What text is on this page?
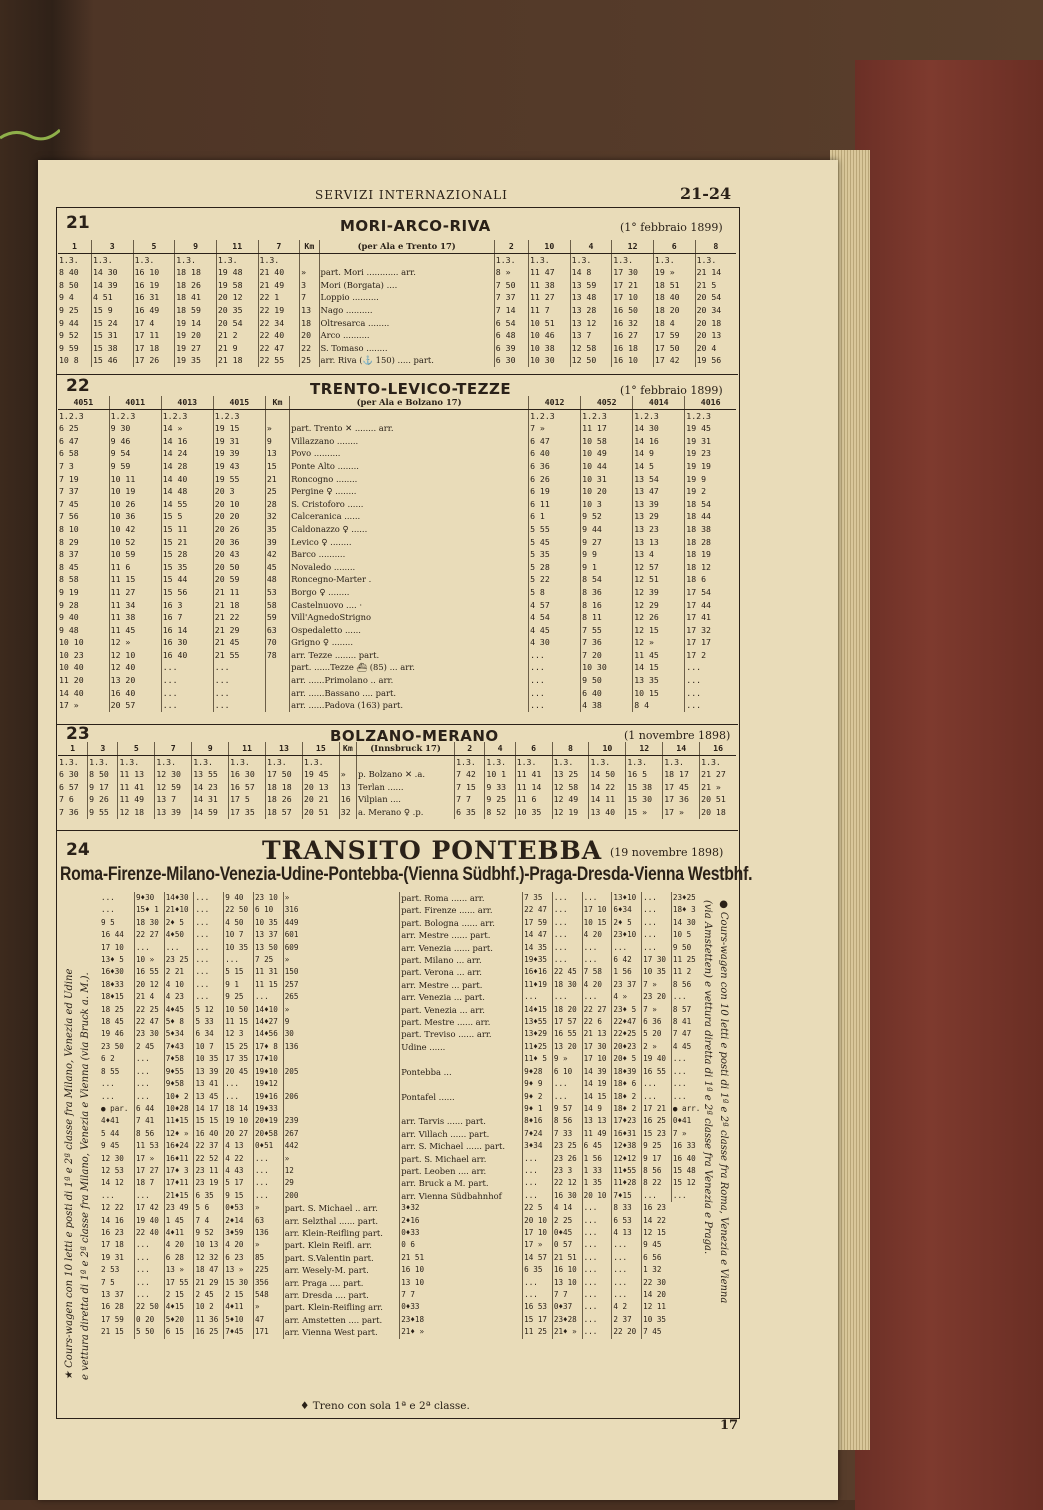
SERVIZI INTERNAZIONALI	21-24
21	MORI-ARCO-RIVA	(1° febbraio 1899)
1	3	5	9	11	7	Km	(per Ala e Trento 17)	2	10	4	12	6	8
1.3.	1.3.	1.3.	1.3.	1.3.	1.3.			1.3.	1.3.	1.3.	1.3.	1.3.	1.3.
8 40	14 30	16 10	18 18	19 48	21 40	»	part. Mori ............ arr.	8 »	11 47	14 8	17 30	19 »	21 14
8 50	14 39	16 19	18 26	19 58	21 49	3	Mori (Borgata) ....	7 50	11 38	13 59	17 21	18 51	21 5
9 4	4 51	16 31	18 41	20 12	22 1	7	Loppio ..........	7 37	11 27	13 48	17 10	18 40	20 54
9 25	15 9	16 49	18 59	20 35	22 19	13	Nago ..........	7 14	11 7	13 28	16 50	18 20	20 34
9 44	15 24	17 4	19 14	20 54	22 34	18	Oltresarca ........	6 54	10 51	13 12	16 32	18 4	20 18
9 52	15 31	17 11	19 20	21 2	22 40	20	Arco ..........	6 48	10 46	13 7	16 27	17 59	20 13
9 59	15 38	17 18	19 27	21 9	22 47	22	S. Tomaso ........	6 39	10 38	12 58	16 18	17 50	20 4
10 8	15 46	17 26	19 35	21 18	22 55	25	arr. Riva (⚓ 150) ..... part.	6 30	10 30	12 50	16 10	17 42	19 56
22	TRENTO-LEVICO-TEZZE	(1° febbraio 1899)
4051	4011	4013	4015	Km	(per Ala e Bolzano 17)	4012	4052	4014	4016
1.2.3	1.2.3	1.2.3	1.2.3			1.2.3	1.2.3	1.2.3	1.2.3
6 25	9 30	14 »	19 15	»	part. Trento ✕ ........ arr.	7 »	11 17	14 30	19 45
6 47	9 46	14 16	19 31	9	Villazzano ........	6 47	10 58	14 16	19 31
6 58	9 54	14 24	19 39	13	Povo ..........	6 40	10 49	14 9	19 23
7 3	9 59	14 28	19 43	15	Ponte Alto ........	6 36	10 44	14 5	19 19
7 19	10 11	14 40	19 55	21	Roncogno ........	6 26	10 31	13 54	19 9
7 37	10 19	14 48	20 3	25	Pergine ♀ ........	6 19	10 20	13 47	19 2
7 45	10 26	14 55	20 10	28	S. Cristoforo ......	6 11	10 3	13 39	18 54
7 56	10 36	15 5	20 20	32	Calceranica ......	6 1	9 52	13 29	18 44
8 10	10 42	15 11	20 26	35	Caldonazzo ♀ ......	5 55	9 44	13 23	18 38
8 29	10 52	15 21	20 36	39	Levico ♀ ........	5 45	9 27	13 13	18 28
8 37	10 59	15 28	20 43	42	Barco ..........	5 35	9 9	13 4	18 19
8 45	11 6	15 35	20 50	45	Novaledo ........	5 28	9 1	12 57	18 12
8 58	11 15	15 44	20 59	48	Roncegno-Marter .	5 22	8 54	12 51	18 6
9 19	11 27	15 56	21 11	53	Borgo ♀ ........	5 8	8 36	12 39	17 54
9 28	11 34	16 3	21 18	58	Castelnuovo .... ·	4 57	8 16	12 29	17 44
9 40	11 38	16 7	21 22	59	Vill'AgnedoStrigno	4 54	8 11	12 26	17 41
9 48	11 45	16 14	21 29	63	Ospedaletto ......	4 45	7 55	12 15	17 32
10 10	12 »	16 30	21 45	70	Grigno ♀ ........	4 30	7 36	12 »	17 17
10 23	12 10	16 40	21 55	78	arr. Tezze ........ part.	...	7 20	11 45	17 2
10 40	12 40	...	...		part. ......Tezze ⛴ (85) ... arr.	...	10 30	14 15	...
11 20	13 20	...	...		arr. ......Primolano .. arr.	...	9 50	13 35	...
14 40	16 40	...	...		arr. ......Bassano .... part.	...	6 40	10 15	...
17 »	20 57	...	...		arr. ......Padova (163) part.	...	4 38	8 4	...
23	BOLZANO-MERANO	(1 novembre 1898)
1	3	5	7	9	11	13	15	Km	(Innsbruck 17)	2	4	6	8	10	12	14	16
1.3.	1.3.	1.3.	1.3.	1.3.	1.3.	1.3.	1.3.			1.3.	1.3.	1.3.	1.3.	1.3.	1.3.	1.3.	1.3.
6 30	8 50	11 13	12 30	13 55	16 30	17 50	19 45	»	p. Bolzano ✕ .a.	7 42	10 1	11 41	13 25	14 50	16 5	18 17	21 27
6 57	9 17	11 41	12 59	14 23	16 57	18 18	20 13	13	Terlan ......	7 15	9 33	11 14	12 58	14 22	15 38	17 45	21 »
7 6	9 26	11 49	13 7	14 31	17 5	18 26	20 21	16	Vilpian ....	7 7	9 25	11 6	12 49	14 11	15 30	17 36	20 51
7 36	9 55	12 18	13 39	14 59	17 35	18 57	20 51	32	a. Merano ♀ .p.	6 35	8 52	10 35	12 19	13 40	15 »	17 »	20 18
24	TRANSITO PONTEBBA (19 novembre 1898)
Roma-Firenze-Milano-Venezia-Udine-Pontebba-(Vienna Südbhf.)-Praga-Dresda-Vienna Westbhf.
★ Cours-wagen con 10 letti e posti di 1ª e 2ª classe fra Milano, Venezia ed Udine e vettura diretta di 1ª e 2ª classe fra Milano, Venezia e Vienna (via Bruck a. M.).	● Cours-wagen con 10 letti e posti di 1ª e 2ª classe fra Roma, Venezia e Vienna
(via Amstetten) e vettura diretta di 1ª e 2ª classe fra Venezia e Praga.
...	9♦30	14♦30	...	9 40	23 10	»	part. Roma ...... arr.	7 35	...	...	13♦10	...	23♦25
...	15♦ 1	21♦10	...	22 50	6 10	316	part. Firenze ...... arr.	22 47	...	17 10	6♦34	...	18♦ 3
9 5	18 30	2♦ 5	...	4 50	10 35	449	part. Bologna ...... arr.	17 59	...	10 15	2♦ 5	...	14 30
16 44	22 27	4♦50	...	10 7	13 37	601	arr. Mestre ...... part.	14 47	...	4 20	23♦10	...	10 5
17 10	...	...	...	10 35	13 50	609	arr. Venezia ...... part.	14 35	...	...	...	...	9 50
13♦ 5	10 »	23 25	...	...	7 25	»	part. Milano ... arr.	19♦35	...	...	6 42	17 30	11 25
16♦30	16 55	2 21	...	5 15	11 31	150	part. Verona ... arr.	16♦16	22 45	7 58	1 56	10 35	11 2
18♦33	20 12	4 10	...	9 1	11 15	257	arr. Mestre ... part.	11♦19	18 30	4 20	23 37	7 »	8 56
18♦15	21 4	4 23	...	9 25	...	265	arr. Venezia ... part.	...	...	...	4 »	23 20	...
18 25	22 25	4♦45	5 12	10 50	14♦10	»	part. Venezia ... arr.	14♦15	18 20	22 27	23♦ 5	7 »	8 57
18 45	22 47	5♦ 8	5 33	11 15	14♦27	9	part. Mestre ...... arr.	13♦55	17 57	22 6	22♦47	6 36	8 41
19 46	23 30	5♦34	6 34	12 3	14♦56	30	part. Treviso ...... arr.	13♦29	16 55	21 13	22♦25	5 20	7 47
23 50	2 45	7♦43	10 7	15 25	17♦ 8	136	Udine ......	11♦25	13 20	17 30	20♦23	2 »	4 45
6 2	...	7♦58	10 35	17 35	17♦10			11♦ 5	9 »	17 10	20♦ 5	19 40	...
8 55	...	9♦55	13 39	20 45	19♦10	205	Pontebba ...	9♦28	6 10	14 39	18♦39	16 55	...
...	...	9♦58	13 41	...	19♦12			9♦ 9	...	14 19	18♦ 6	...	...
...	...	10♦ 2	13 45	...	19♦16	206	Pontafel ......	9♦ 2	...	14 15	18♦ 2	...	...
● par.	6 44	10♦28	14 17	18 14	19♦33			9♦ 1	9 57	14 9	18♦ 2	17 21	● arr.
4♦41	7 41	11♦15	15 15	19 10	20♦19	239	arr. Tarvis ...... part.	8♦16	8 56	13 13	17♦23	16 25	0♦41
5 44	8 56	12♦ »	16 40	20 27	20♦58	267	arr. Villach ...... part.	7♦24	7 33	11 49	16♦31	15 23	7 »
9 45	11 53	16♦24	22 37	4 13	0♦51	442	arr. S. Michael ...... part.	3♦34	23 25	6 45	12♦38	9 25	16 33
12 30	17 »	16♦11	22 52	4 22	...	»	part. S. Michael arr.	...	23 26	1 56	12♦12	9 17	16 40
12 53	17 27	17♦ 3	23 11	4 43	...	12	part. Leoben .... arr.	...	23 3	1 33	11♦55	8 56	15 48
14 12	18 7	17♦11	23 19	5 17	...	29	arr. Bruck a M. part.	...	22 12	1 35	11♦28	8 22	15 12
...	...	21♦15	6 35	9 15	...	200	arr. Vienna Südbahnhof	...	16 30	20 10	7♦15	...	...
12 22	17 42	23 49	5 6	0♦53	»	part. S. Michael .. arr.	3♦32	22 5	4 14	...	8 33	16 23	
14 16	19 40	1 45	7 4	2♦14	63	arr. Selzthal ...... part.	2♦16	20 10	2 25	...	6 53	14 22	
16 23	22 40	4♦11	9 52	3♦59	136	arr. Klein-Reifling part.	0♦33	17 10	0♦45	...	4 13	12 15	
17 18	...	4 20	10 13	4 20	»	part. Klein Reifl. arr.	0 6	17 »	0 57	...	...	9 45	
19 31	...	6 28	12 32	6 23	85	part. S.Valentin part.	21 51	14 57	21 51	...	...	6 56	
2 53	...	13 »	18 47	13 »	225	arr. Wesely-M. part.	16 10	6 35	16 10	...	...	1 32	
7 5	...	17 55	21 29	15 30	356	arr. Praga .... part.	13 10	...	13 10	...	...	22 30	
13 37	...	2 15	2 45	2 15	548	arr. Dresda .... part.	7 7	...	7 7	...	...	14 20	
16 28	22 50	4♦15	10 2	4♦11	»	part. Klein-Reifling arr.	0♦33	16 53	0♦37	...	4 2	12 11	
17 59	0 20	5♦20	11 36	5♦10	47	arr. Amstetten .... part.	23♦18	15 17	23♦28	...	2 37	10 35	
21 15	5 50	6 15	16 25	7♦45	171	arr. Vienna West part.	21♦ »	11 25	21♦ »	...	22 20	7 45	
♦ Treno con sola 1ª e 2ª classe.
17
